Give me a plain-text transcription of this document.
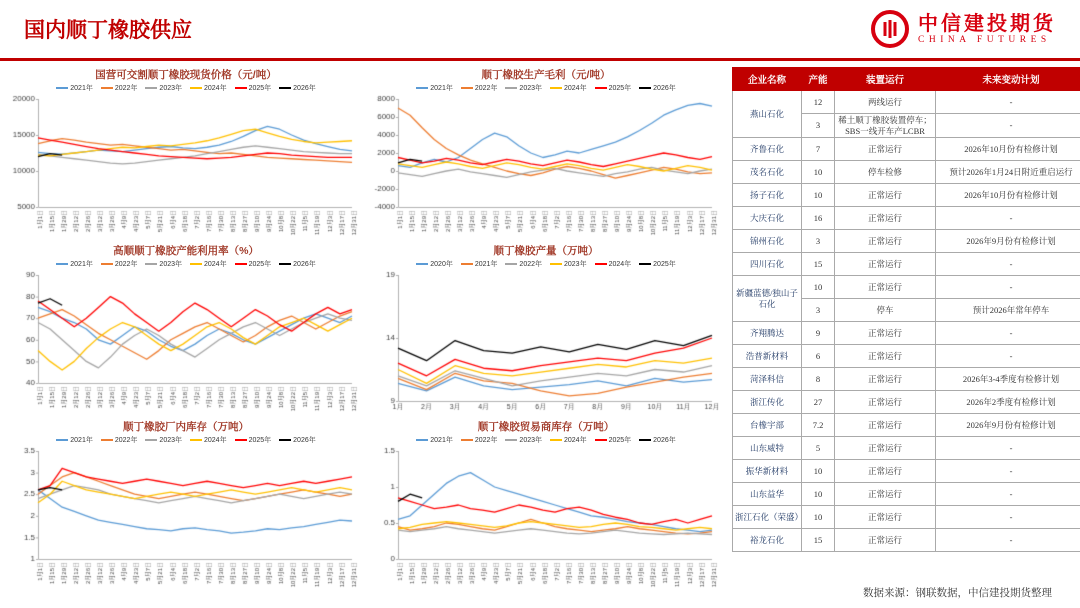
国内顺丁橡胶供应	中信建投期货
CHINA FUTURES
国营可交割顺丁橡胶现货价格（元/吨）
2021年	2022年	2023年	2024年	2025年	2026年
顺丁橡胶生产毛利（元/吨）
2021年	2022年	2023年	2024年	2025年	2026年
高顺顺丁橡胶产能利用率（%）
2021年	2022年	2023年	2024年	2025年	2026年
顺丁橡胶产量（万吨）
2020年	2021年	2022年	2023年	2024年	2025年
顺丁橡胶厂内库存（万吨）
2021年	2022年	2023年	2024年	2025年	2026年
顺丁橡胶贸易商库存（万吨）
2021年	2022年	2023年	2024年	2025年	2026年
企业名称	产能	装置运行	未来变动计划
燕山石化	12	两线运行	-
	3	稀土顺丁橡胶装置停车；SBS一线开车产LCBR	-
齐鲁石化	7	正常运行	2026年10月份有检修计划
茂名石化	10	停车检修	预计2026年1月24日附近重启运行
扬子石化	10	正常运行	2026年10月份有检修计划
大庆石化	16	正常运行	-
锦州石化	3	正常运行	2026年9月份有检修计划
四川石化	15	正常运行	-
新疆蓝德/独山子石化	10	正常运行	-
	3	停车	预计2026年常年停车
齐翔腾达	9	正常运行	-
浩普新材料	6	正常运行	-
菏泽科信	8	正常运行	2026年3-4季度有检修计划
浙江传化	27	正常运行	2026年2季度有检修计划
台橡宇部	7.2	正常运行	2026年9月份有检修计划
山东威特	5	正常运行	-
振华新材料	10	正常运行	-
山东益华	10	正常运行	-
浙江石化（荣盛）	10	正常运行	-
裕龙石化	15	正常运行	-
数据来源：钢联数据，中信建投期货整理
